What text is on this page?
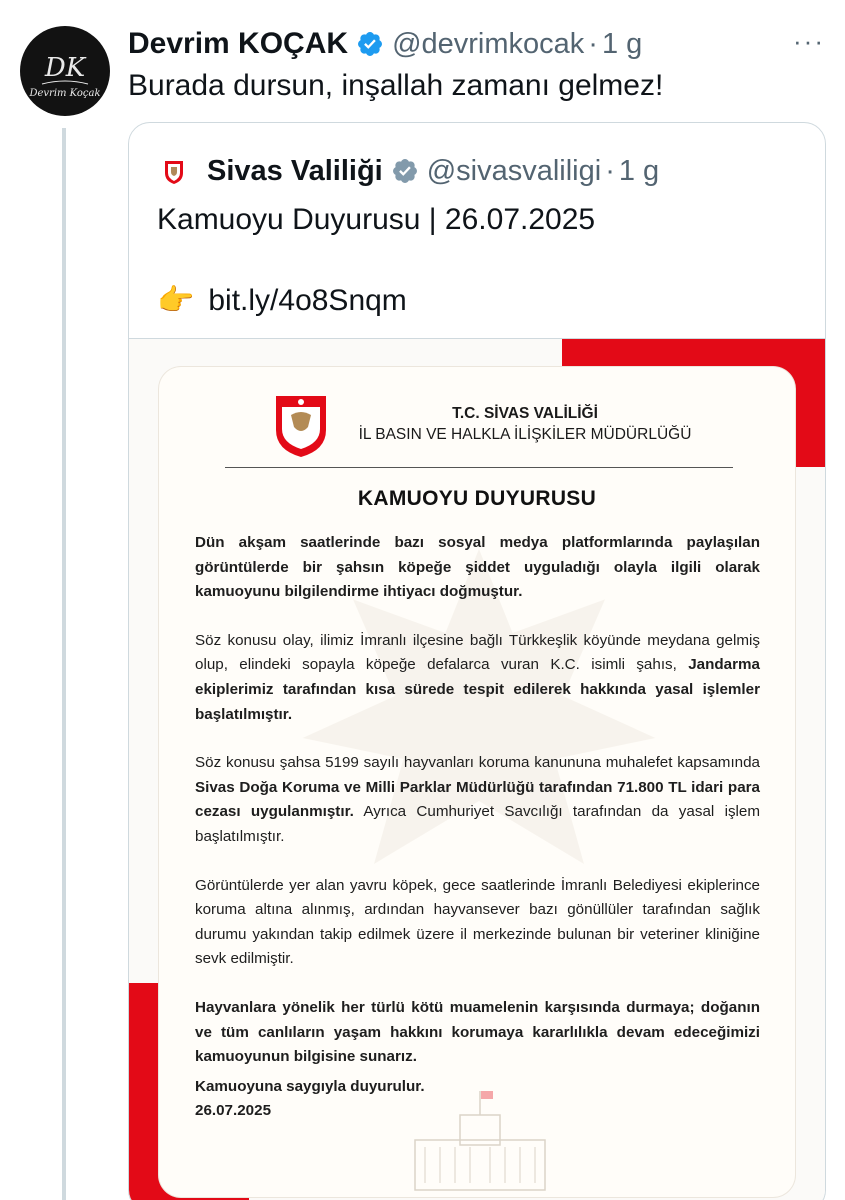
DK
Devrim Koçak
Devrim KOÇAK @devrimkocak · 1 g	···
Burada dursun, inşallah zamanı gelmez!
Sivas Valiliği @sivasvaliligi · 1 g
Kamuoyu Duyurusu | 26.07.2025
👉 bit.ly/4o8Snqm
T.C. SİVAS VALİLİĞİ
İL BASIN VE HALKLA İLİŞKİLER MÜDÜRLÜĞÜ
KAMUOYU DUYURUSU

Dün akşam saatlerinde bazı sosyal medya platformlarında paylaşılan görüntülerde bir şahsın köpeğe şiddet uyguladığı olayla ilgili olarak kamuoyunu bilgilendirme ihtiyacı doğmuştur.

Söz konusu olay, ilimiz İmranlı ilçesine bağlı Türkkeşlik köyünde meydana gelmiş olup, elindeki sopayla köpeğe defalarca vuran K.C. isimli şahıs, Jandarma ekiplerimiz tarafından kısa sürede tespit edilerek hakkında yasal işlemler başlatılmıştır.

Söz konusu şahsa 5199 sayılı hayvanları koruma kanununa muhalefet kapsamında Sivas Doğa Koruma ve Milli Parklar Müdürlüğü tarafından 71.800 TL idari para cezası uygulanmıştır. Ayrıca Cumhuriyet Savcılığı tarafından da yasal işlem başlatılmıştır.

Görüntülerde yer alan yavru köpek, gece saatlerinde İmranlı Belediyesi ekiplerince koruma altına alınmış, ardından hayvansever bazı gönüllüler tarafından sağlık durumu yakından takip edilmek üzere il merkezinde bulunan bir veteriner kliniğine sevk edilmiştir.

Hayvanlara yönelik her türlü kötü muamelenin karşısında durmaya; doğanın ve tüm canlıların yaşam hakkını korumaya kararlılıkla devam edeceğimizi kamuoyunun bilgisine sunarız.

Kamuoyuna saygıyla duyurulur.
26.07.2025
